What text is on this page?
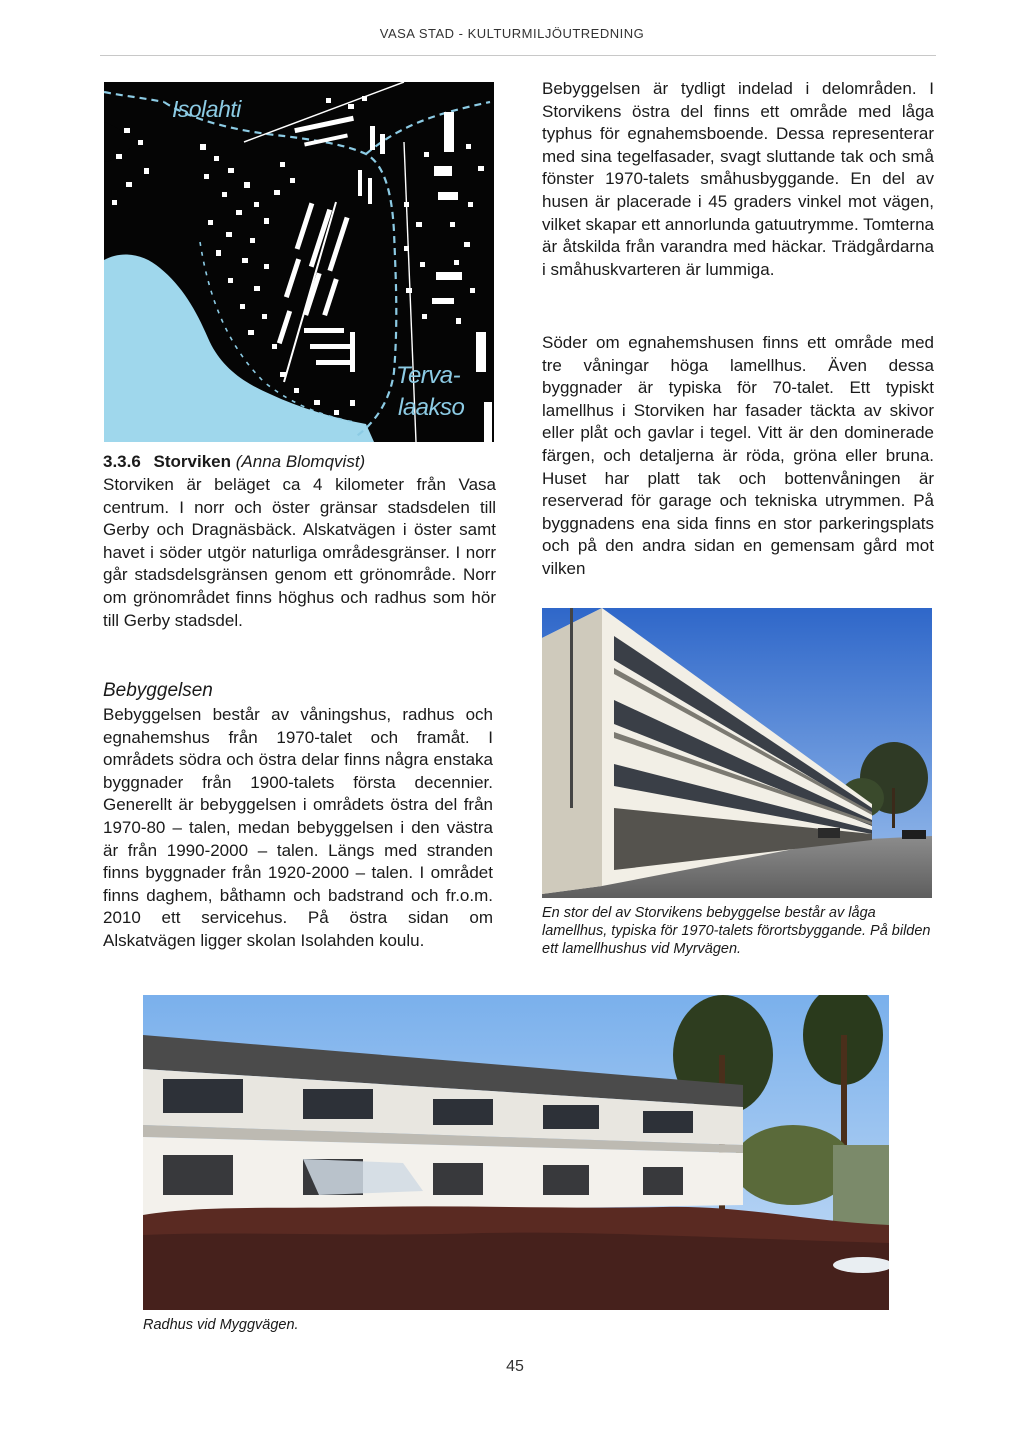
VASA STAD - KULTURMILJÖUTREDNING
Isolahti
Terva-
laakso
3.3.6 Storviken (Anna Blomqvist)

Storviken är beläget ca 4 kilometer från Vasa centrum. I norr och öster gränsar stadsdelen till Gerby och Dragnäsbäck. Alskatvägen i öster samt havet i söder utgör naturliga områdesgränser. I norr går stadsdelsgränsen genom ett grönområde. Norr om grönområdet finns höghus och radhus som hör till Gerby stadsdel.

Bebyggelsen

Bebyggelsen består av våningshus, radhus och egnahemshus från 1970-talet och framåt. I områdets södra och östra delar finns några enstaka byggnader från 1900-talets första decennier. Generellt är bebyggelsen i områdets östra del från 1970-80 – talen, medan bebyggelsen i den västra är från 1990-2000 – talen. Längs med stranden finns byggnader från 1920-2000 – talen. I området finns daghem, båthamn och badstrand och fr.o.m. 2010 ett servicehus. På östra sidan om Alskatvägen ligger skolan Isolahden koulu.

Bebyggelsen är tydligt indelad i delområden. I Storvikens östra del finns ett område med låga typhus för egnahemsboende. Dessa representerar med sina tegelfasader, svagt sluttande tak och små fönster 1970-talets småhusbyggande. En del av husen är placerade i 45 graders vinkel mot vägen, vilket skapar ett annorlunda gatuutrymme. Tomterna är åtskilda från varandra med häckar. Trädgårdarna i småhuskvarteren är lummiga.

Söder om egnahemshusen finns ett område med tre våningar höga lamellhus. Även dessa byggnader är typiska för 70-talet. Ett typiskt lamellhus i Storviken har fasader täckta av skivor eller plåt och gavlar i tegel. Vitt är den dominerade färgen, och detaljerna är röda, gröna eller bruna. Huset har platt tak och bottenvåningen är reserverad för garage och tekniska utrymmen. På byggnadens ena sida finns en stor parkeringsplats och på den andra sidan en gemensam gård mot vilken

En stor del av Storvikens bebyggelse består av låga lamellhus, typiska för 1970-talets förortsbyggande. På bilden ett lamellhushus vid Myrvägen.

Radhus vid Myggvägen.

45
